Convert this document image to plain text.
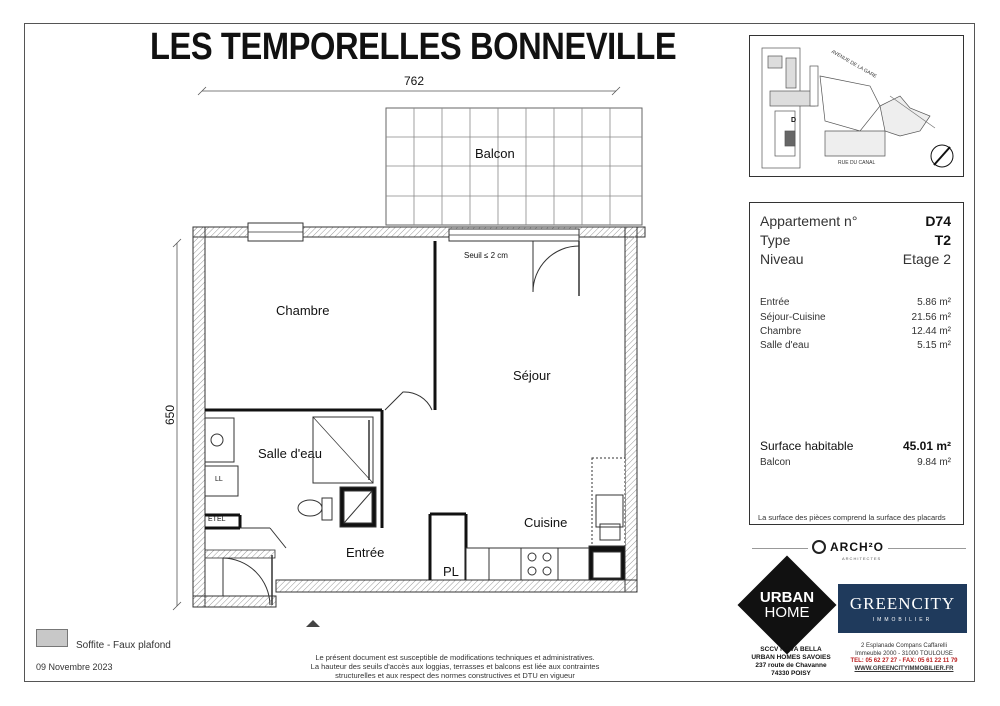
LES TEMPORELLES BONNEVILLE
762
650
Balcon
Chambre
Séjour
Salle d'eau
Cuisine
Entrée
PL
LL
ETEL
Seuil ≤ 2 cm
AVENUE DE LA GARE
RUE DU CANAL
D
Appartement n°	D74
Type	T2
Niveau	Etage 2
Entrée	5.86 m²
Séjour-Cuisine	21.56 m²
Chambre	12.44 m²
Salle d'eau	5.15 m²
Surface habitable	45.01 m²
Balcon	9.84 m²
La surface des pièces comprend la surface des placards
Soffite - Faux plafond
09 Novembre 2023
Le présent document est susceptible de modifications techniques et administratives.
La hauteur des seuils d'accès aux loggias, terrasses et balcons est liée aux contraintes
structurelles et aux respect des normes constructives et DTU en vigueur
ARCH²O
ARCHITECTES
URBAN
HOME
SCCV NOVA BELLA
URBAN HOMES SAVOIES
237 route de Chavanne
74330 POISY
GREENCITY
IMMOBILIER
2 Esplanade Compans Caffarelli
Immeuble 2000 - 31000 TOULOUSE
TEL: 05 62 27 27 - FAX: 05 61 22 11 79
WWW.GREENCITYIMMOBILIER.FR
